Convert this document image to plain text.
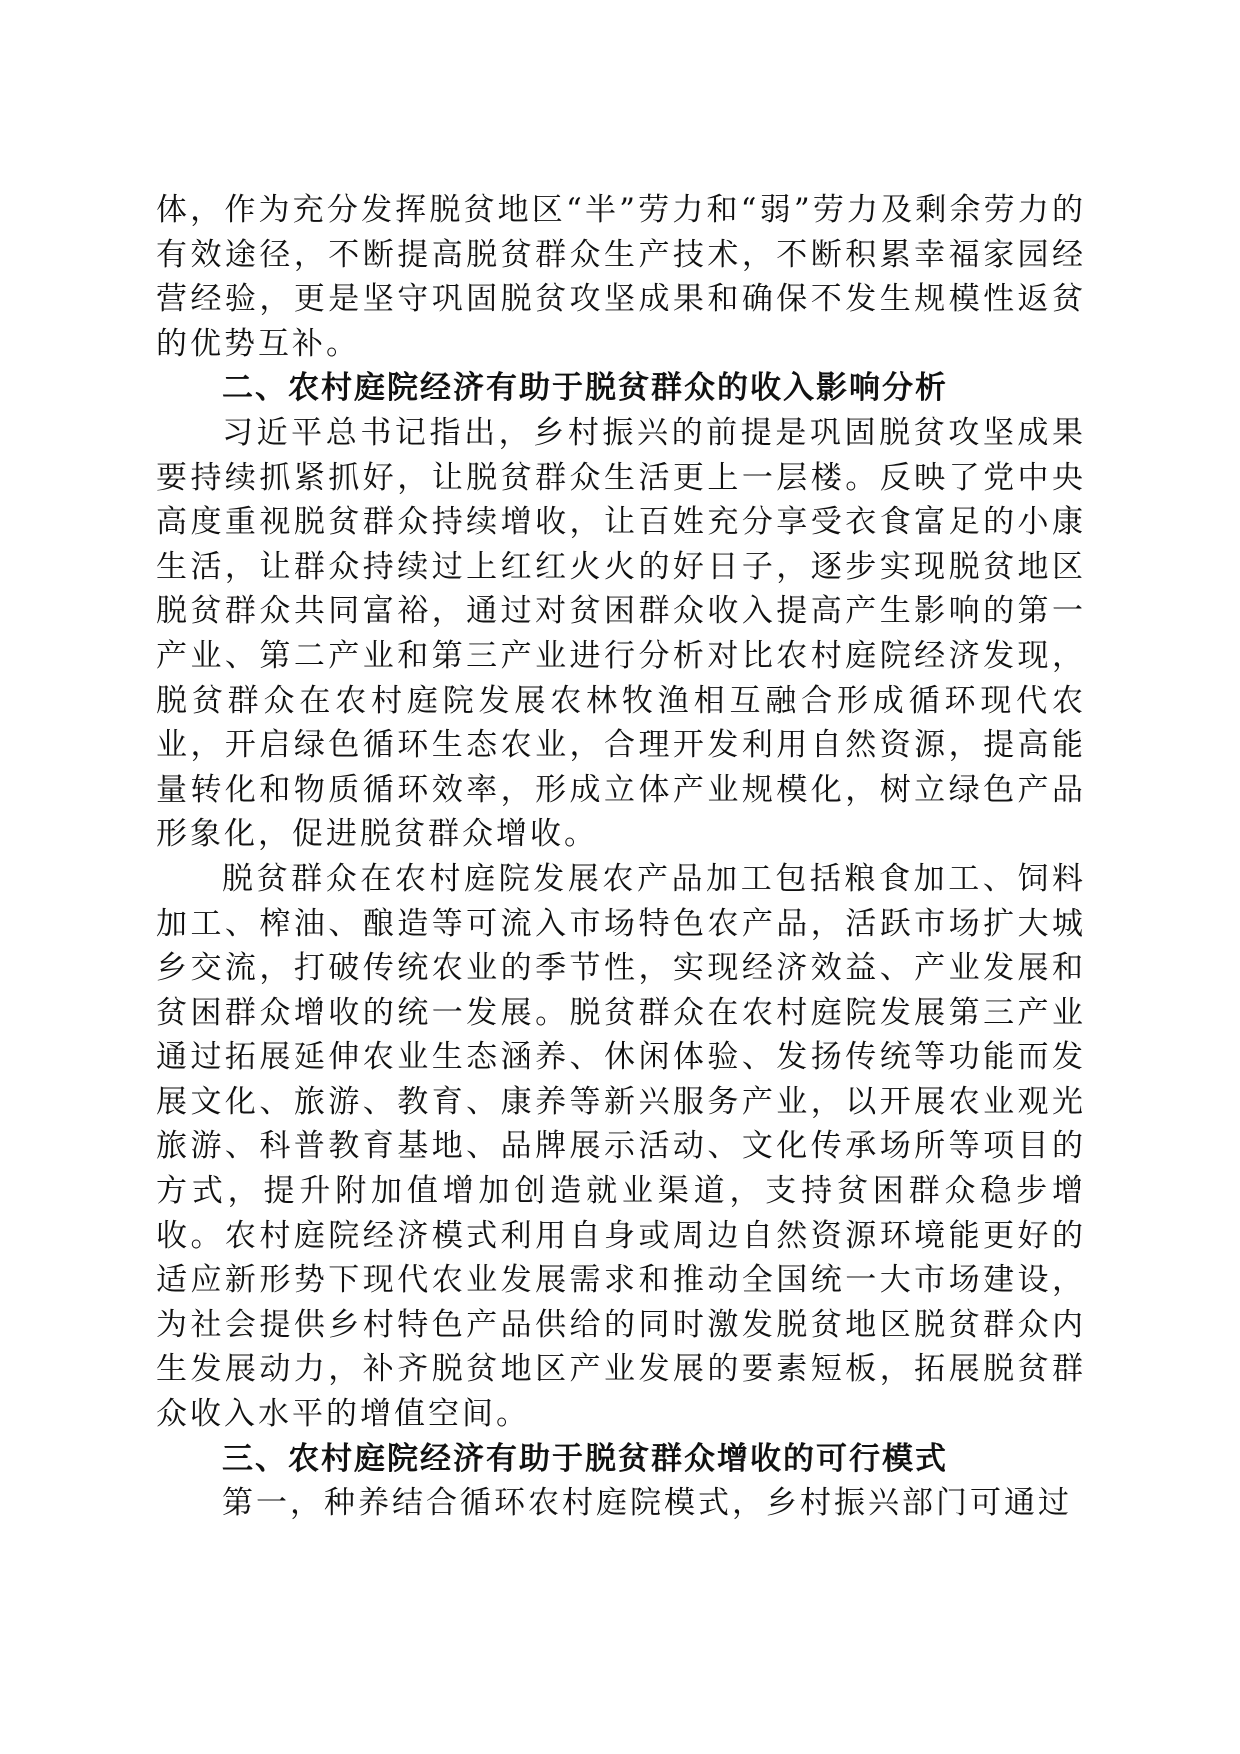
体，作为充分发挥脱贫地区“半”劳力和“弱”劳力及剩余劳力的有效途径，不断提高脱贫群众生产技术，不断积累幸福家园经营经验，更是坚守巩固脱贫攻坚成果和确保不发生规模性返贫的优势互补。

二、农村庭院经济有助于脱贫群众的收入影响分析

习近平总书记指出，乡村振兴的前提是巩固脱贫攻坚成果要持续抓紧抓好，让脱贫群众生活更上一层楼。反映了党中央高度重视脱贫群众持续增收，让百姓充分享受衣食富足的小康生活，让群众持续过上红红火火的好日子，逐步实现脱贫地区脱贫群众共同富裕，通过对贫困群众收入提高产生影响的第一产业、第二产业和第三产业进行分析对比农村庭院经济发现，脱贫群众在农村庭院发展农林牧渔相互融合形成循环现代农业，开启绿色循环生态农业，合理开发利用自然资源，提高能量转化和物质循环效率，形成立体产业规模化，树立绿色产品形象化，促进脱贫群众增收。

脱贫群众在农村庭院发展农产品加工包括粮食加工、饲料加工、榨油、酿造等可流入市场特色农产品，活跃市场扩大城乡交流，打破传统农业的季节性，实现经济效益、产业发展和贫困群众增收的统一发展。脱贫群众在农村庭院发展第三产业通过拓展延伸农业生态涵养、休闲体验、发扬传统等功能而发展文化、旅游、教育、康养等新兴服务产业，以开展农业观光旅游、科普教育基地、品牌展示活动、文化传承场所等项目的方式，提升附加值增加创造就业渠道，支持贫困群众稳步增收。农村庭院经济模式利用自身或周边自然资源环境能更好的适应新形势下现代农业发展需求和推动全国统一大市场建设，为社会提供乡村特色产品供给的同时激发脱贫地区脱贫群众内生发展动力，补齐脱贫地区产业发展的要素短板，拓展脱贫群众收入水平的增值空间。

三、农村庭院经济有助于脱贫群众增收的可行模式

第一，种养结合循环农村庭院模式，乡村振兴部门可通过
